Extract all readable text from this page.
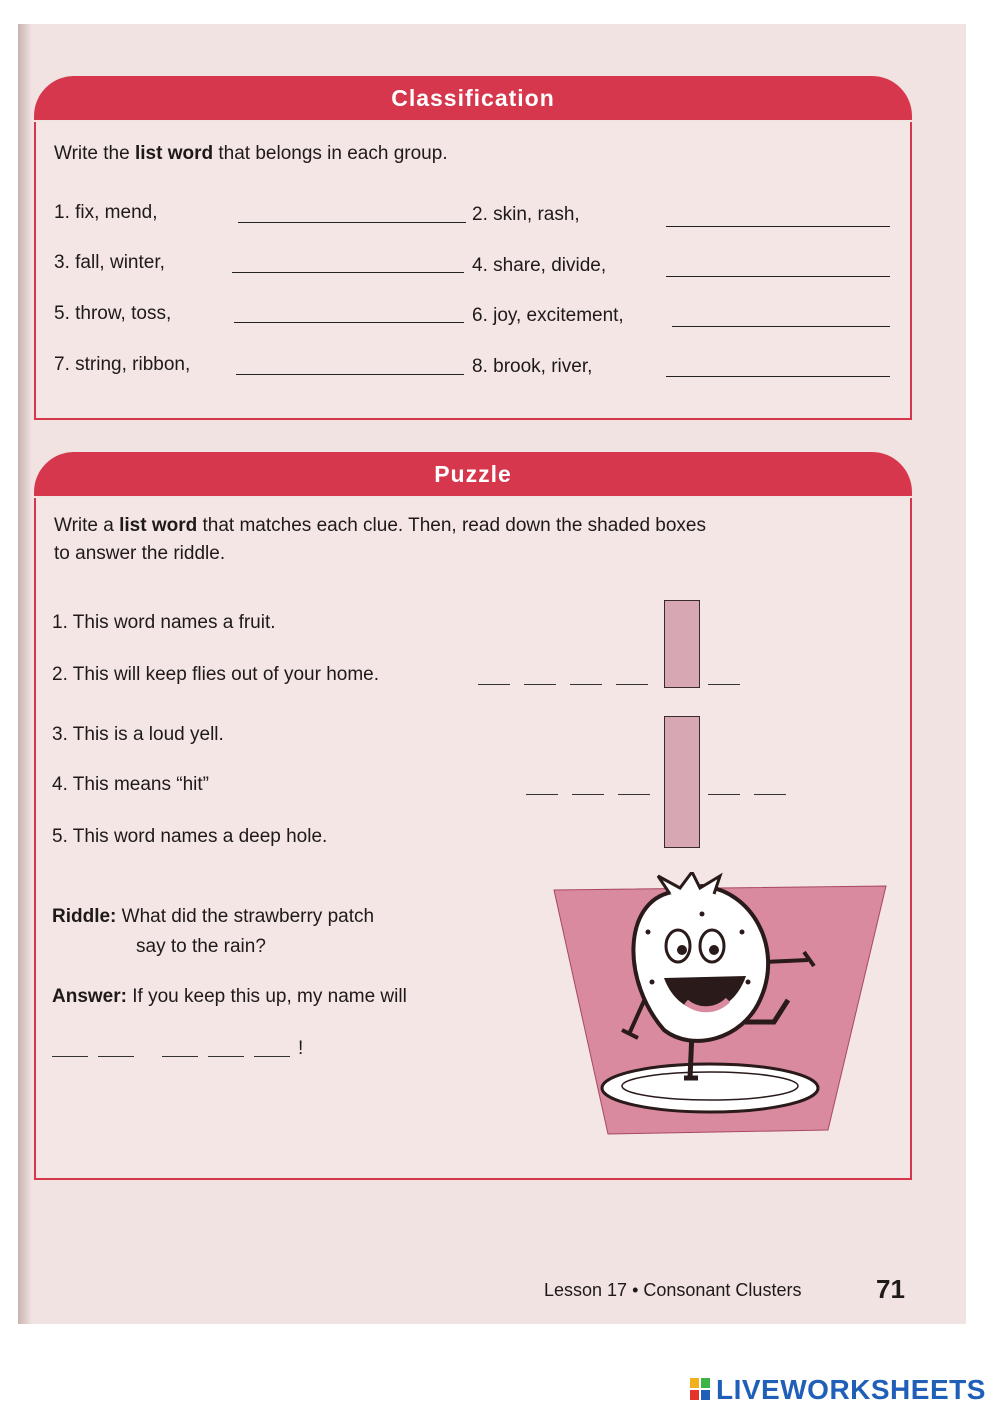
Classification
Write the list word that belongs in each group.
1. fix, mend,	2. skin, rash,
3. fall, winter,	4. share, divide,
5. throw, toss,	6. joy, excitement,
7. string, ribbon,	8. brook, river,
Puzzle
Write a list word that matches each clue. Then, read down the shaded boxes
to answer the riddle.
1. This word names a fruit.
2. This will keep flies out of your home.
3. This is a loud yell.
4. This means “hit”
5. This word names a deep hole.
Riddle: What did the strawberry patch
say to the rain?
Answer: If you keep this up, my name will
!
Lesson 17 • Consonant Clusters	71
LIVEWORKSHEETS
